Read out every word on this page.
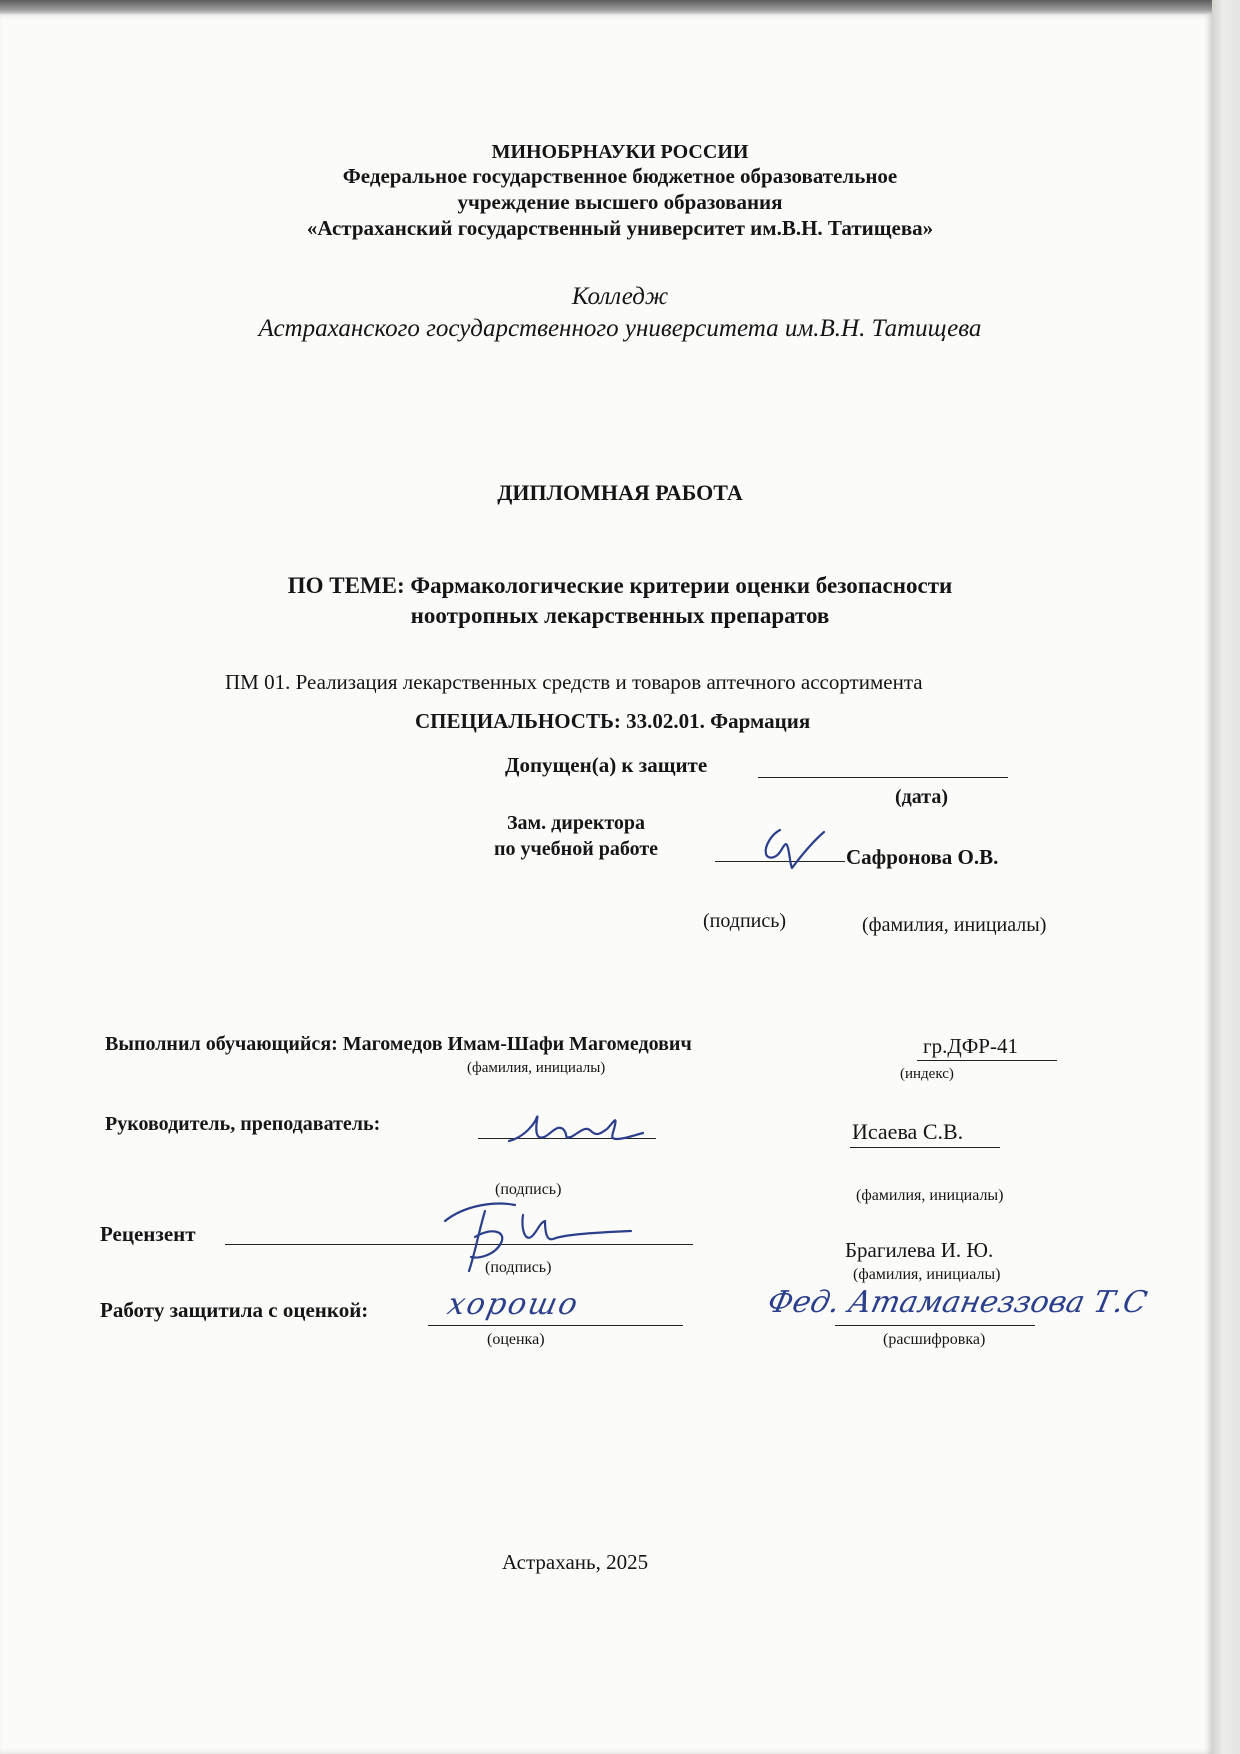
МИНОБРНАУКИ РОССИИ
Федеральное государственное бюджетное образовательное
учреждение высшего образования
«Астраханский государственный университет им.В.Н. Татищева»
Колледж
Астраханского государственного университета им.В.Н. Татищева
ДИПЛОМНАЯ РАБОТА
ПО ТЕМЕ: Фармакологические критерии оценки безопасности
ноотропных лекарственных препаратов
ПМ 01. Реализация лекарственных средств и товаров аптечного ассортимента
СПЕЦИАЛЬНОСТЬ: 33.02.01. Фармация
Допущен(а) к защите
(дата)
Зам. директора
по учебной работе	Сафронова О.В.
(подпись)	(фамилия, инициалы)
Выполнил обучающийся: Магомедов Имам-Шафи Магомедович
(фамилия, инициалы)
гр.ДФР-41
(индекс)
Руководитель, преподаватель:	Исаева С.В.
(подпись)	(фамилия, инициалы)
Рецензент
(подпись)
Брагилева И. Ю.
(фамилия, инициалы)
Работу защитила с оценкой:	хорошо
(оценка)
Фед. Атаманеззова Т.С
(расшифровка)
Астрахань, 2025
